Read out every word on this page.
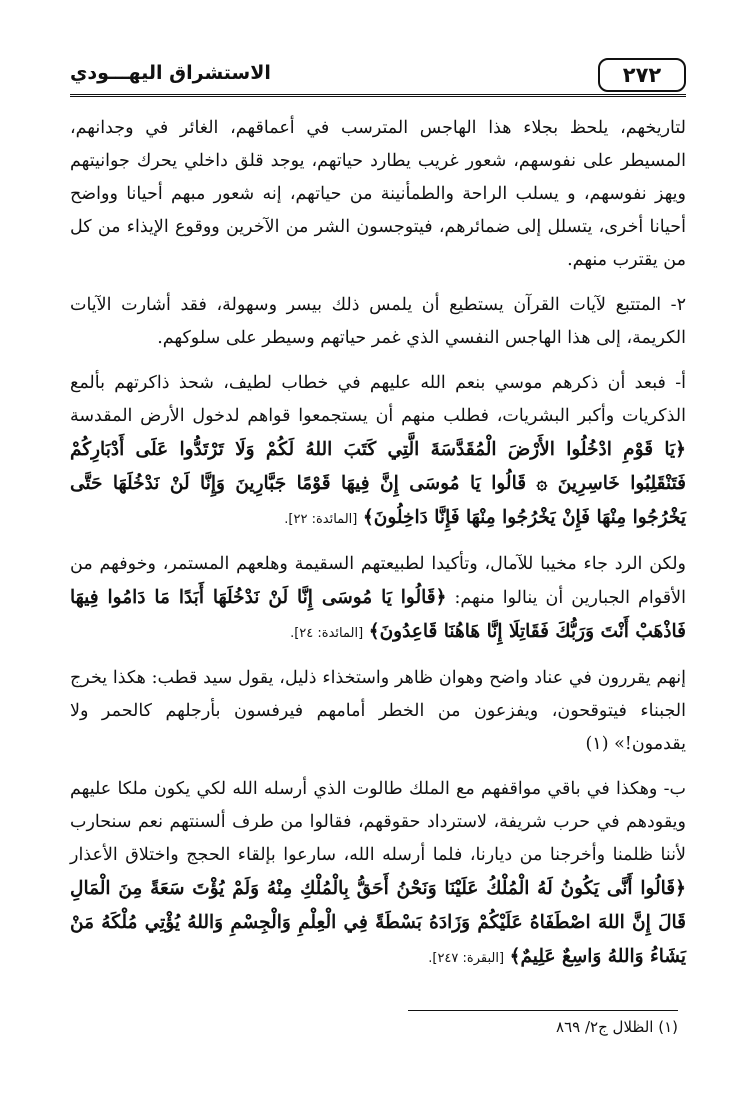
٢٧٢
الاستشراق اليهـــودي

لتاريخهم، يلحظ بجلاء هذا الهاجس المترسب في أعماقهم، الغائر في وجدانهم، المسيطر على نفوسهم، شعور غريب يطارد حياتهم، يوجد قلق داخلي يحرك جوانيتهم ويهز نفوسهم، و يسلب الراحة والطمأنينة من حياتهم، إنه شعور مبهم أحيانا وواضح أحيانا أخرى، يتسلل إلى ضمائرهم، فيتوجسون الشر من الآخرين ووقوع الإيذاء من كل من يقترب منهم.

٢- المتتبع لآيات القرآن يستطيع أن يلمس ذلك بيسر وسهولة، فقد أشارت الآيات الكريمة، إلى هذا الهاجس النفسي الذي غمر حياتهم وسيطر على سلوكهم.

أ- فبعد أن ذكرهم موسي بنعم الله عليهم في خطاب لطيف، شحذ ذاكرتهم بألمع الذكريات وأكبر البشريات، فطلب منهم أن يستجمعوا قواهم لدخول الأرض المقدسة ﴿يَا قَوْمِ ادْخُلُوا الأَرْضَ الْمُقَدَّسَةَ الَّتِي كَتَبَ اللهُ لَكُمْ وَلَا تَرْتَدُّوا عَلَى أَدْبَارِكُمْ فَتَنْقَلِبُوا خَاسِرِينَ ۞ قَالُوا يَا مُوسَى إِنَّ فِيهَا قَوْمًا جَبَّارِينَ وَإِنَّا لَنْ نَدْخُلَهَا حَتَّى يَخْرُجُوا مِنْهَا فَإِنْ يَخْرُجُوا مِنْهَا فَإِنَّا دَاخِلُونَ﴾ [المائدة: ٢٢].

ولكن الرد جاء مخيبا للآمال، وتأكيدا لطبيعتهم السقيمة وهلعهم المستمر، وخوفهم من الأقوام الجبارين أن ينالوا منهم: ﴿قَالُوا يَا مُوسَى إِنَّا لَنْ نَدْخُلَهَا أَبَدًا مَا دَامُوا فِيهَا فَاذْهَبْ أَنْتَ وَرَبُّكَ فَقَاتِلَا إِنَّا هَاهُنَا قَاعِدُونَ﴾ [المائدة: ٢٤].

إنهم يقررون في عناد واضح وهوان ظاهر واستخذاء ذليل، يقول سيد قطب: هكذا يخرج الجبناء فيتوقحون، ويفزعون من الخطر أمامهم فيرفسون بأرجلهم كالحمر ولا يقدمون!» (١)

ب- وهكذا في باقي مواقفهم مع الملك طالوت الذي أرسله الله لكي يكون ملكا عليهم ويقودهم في حرب شريفة، لاسترداد حقوقهم، فقالوا من طرف ألسنتهم نعم سنحارب لأننا ظلمنا وأخرجنا من ديارنا، فلما أرسله الله، سارعوا بإلقاء الحجج واختلاق الأعذار ﴿قَالُوا أَنَّى يَكُونُ لَهُ الْمُلْكُ عَلَيْنَا وَنَحْنُ أَحَقُّ بِالْمُلْكِ مِنْهُ وَلَمْ يُؤْتَ سَعَةً مِنَ الْمَالِ قَالَ إِنَّ اللهَ اصْطَفَاهُ عَلَيْكُمْ وَزَادَهُ بَسْطَةً فِي الْعِلْمِ وَالْجِسْمِ وَاللهُ يُؤْتِي مُلْكَهُ مَنْ يَشَاءُ وَاللهُ وَاسِعٌ عَلِيمٌ﴾ [البقرة: ٢٤٧].

(١) الظلال ج٢/ ٨٦٩
